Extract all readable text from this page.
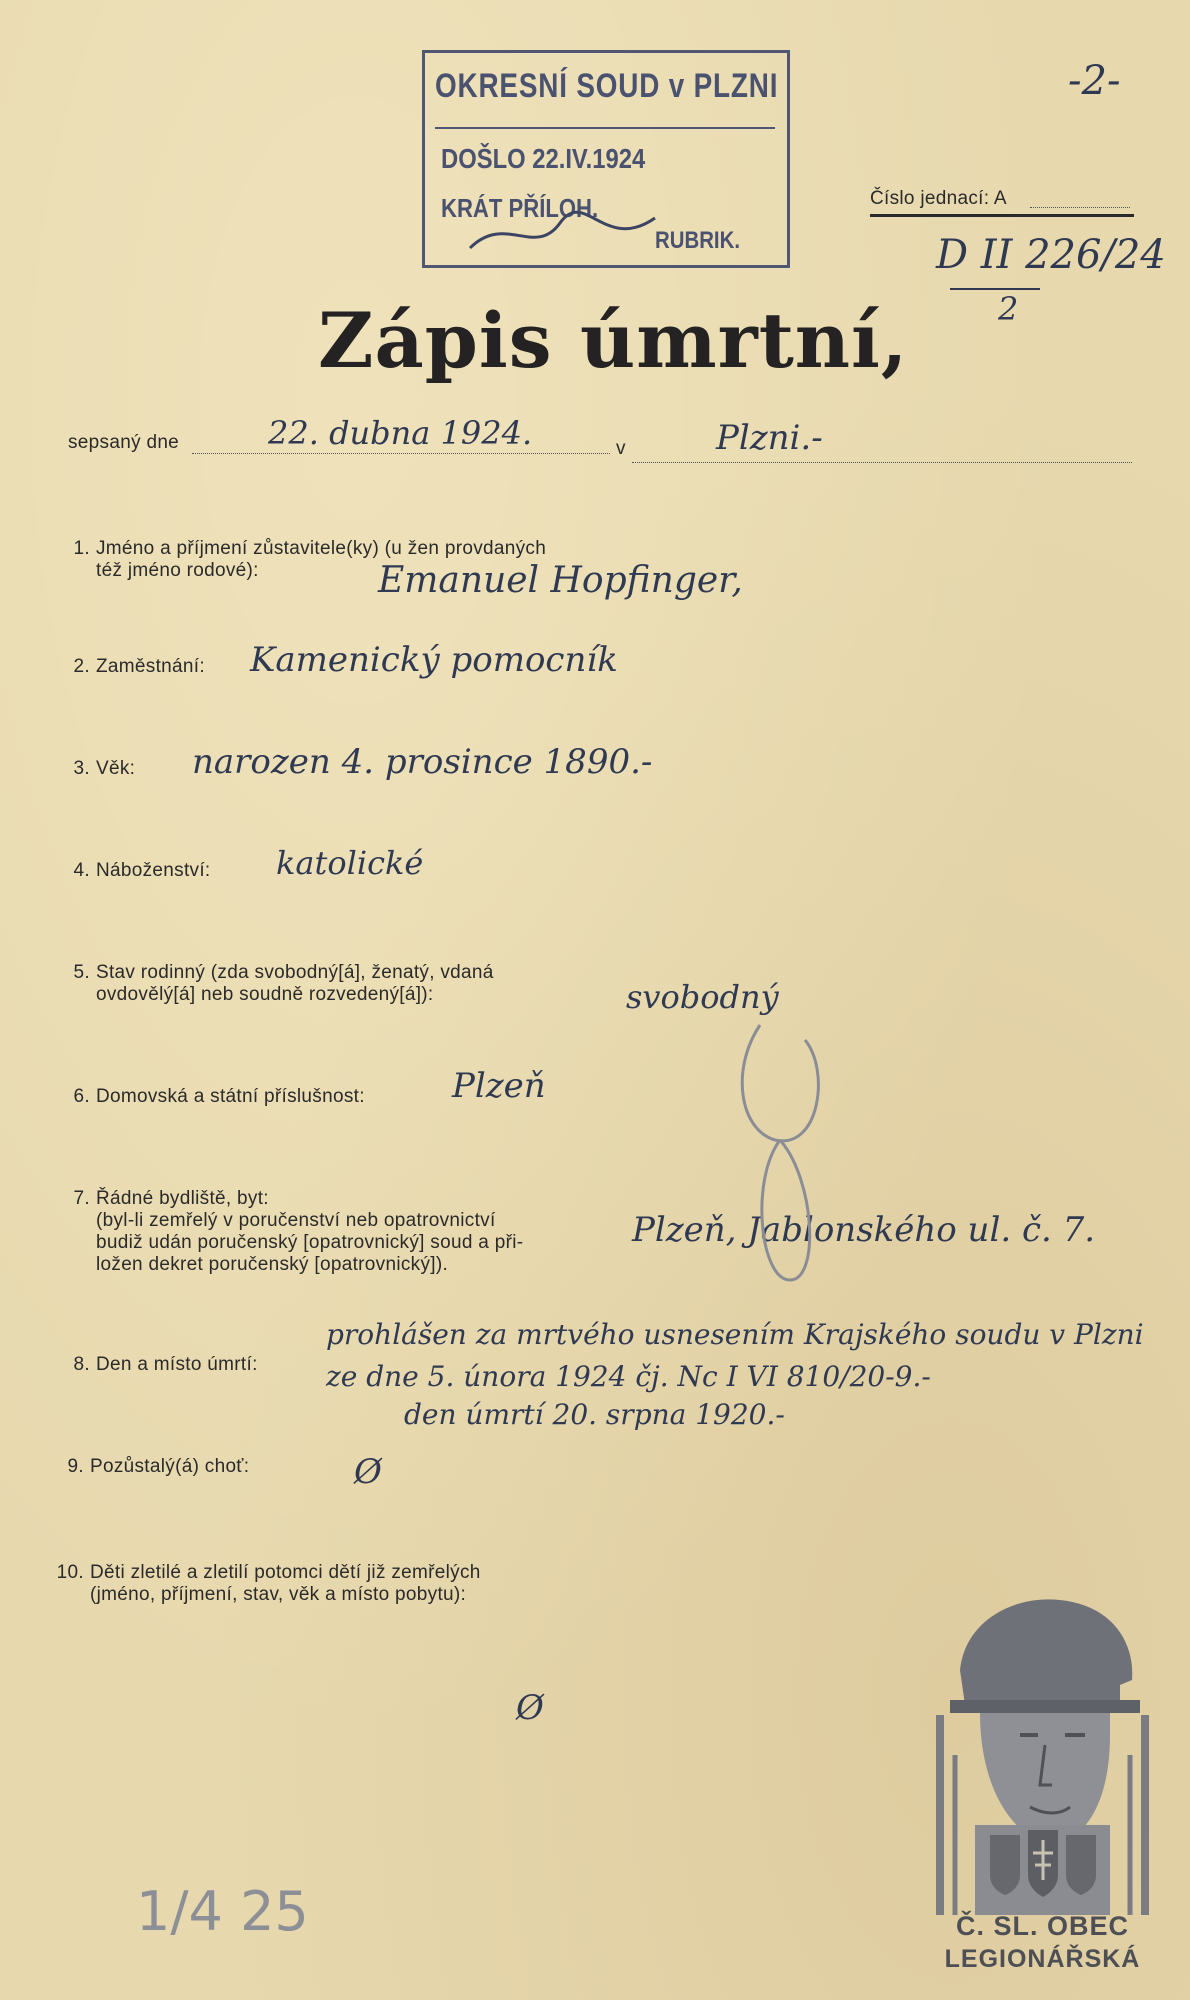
-2-
OKRESNÍ SOUD v PLZNI
DOŠLO 22.IV.1924
KRÁT PŘÍLOH.
RUBRIK.
Číslo jednací: A
D II 226/24
2
Zápis úmrtní,
sepsaný dne	22. dubna 1924.	v	Plzni.-
1. Jméno a příjmení zůstavitele(ky) (u žen provdaných
též jméno rodové):	Emanuel Hopfinger,
2. Zaměstnání: Kamenický pomocník
3. Věk: narozen 4. prosince 1890.-
4. Náboženství: katolické
5. Stav rodinný (zda svobodný[á], ženatý, vdaná
ovdovělý[á] neb soudně rozvedený[á]):	svobodný
6. Domovská a státní příslušnost:	Plzeň
7. Řádné bydliště, byt:
(byl-li zemřelý v poručenství neb opatrovnictví
budiž udán poručenský [opatrovnický] soud a při-
ložen dekret poručenský [opatrovnický]).
Plzeň, Jablonského ul. č. 7.
8. Den a místo úmrtí:
prohlášen za mrtvého usnesením Krajského soudu v Plzni
ze dne 5. února 1924 čj. Nc I VI 810/20-9.-
den úmrtí 20. srpna 1920.-
9. Pozůstalý(á) choť:	Ø
10. Děti zletilé a zletilí potomci dětí již zemřelých
(jméno, příjmení, stav, věk a místo pobytu):
Ø
1/4 25	Č. SL. OBEC
LEGIONÁŘSKÁ
